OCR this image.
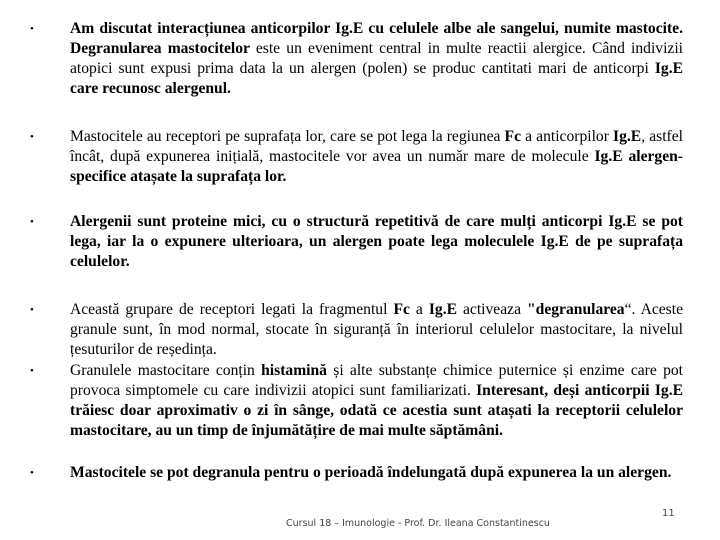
• Am discutat interacțiunea anticorpilor Ig.E cu celulele albe ale sangelui, numite mastocite. Degranularea mastocitelor este un eveniment central in multe reactii alergice. Când indivizii atopici sunt expusi prima data la un alergen (polen) se produc cantitati mari de anticorpi Ig.E care recunosc alergenul.
• Mastocitele au receptori pe suprafața lor, care se pot lega la regiunea Fc a anticorpilor Ig.E, astfel încât, după expunerea inițială, mastocitele vor avea un număr mare de molecule Ig.E alergen-specifice atașate la suprafața lor.
• Alergenii sunt proteine mici, cu o structură repetitivă de care mulți anticorpi Ig.E se pot lega, iar la o expunere ulterioara, un alergen poate lega moleculele Ig.E de pe suprafața celulelor.
• Această grupare de receptori legati la fragmentul Fc a Ig.E activeaza "degranularea“. Aceste granule sunt, în mod normal, stocate în siguranță în interiorul celulelor mastocitare, la nivelul țesuturilor de reședința.
• Granulele mastocitare conțin histamină și alte substanțe chimice puternice și enzime care pot provoca simptomele cu care indivizii atopici sunt familiarizati. Interesant, deși anticorpii Ig.E trăiesc doar aproximativ o zi în sânge, odată ce acestia sunt atașati la receptorii celulelor mastocitare, au un timp de înjumătățire de mai multe săptămâni.
• Mastocitele se pot degranula pentru o perioadă îndelungată după expunerea la un alergen.
Cursul 18 – Imunologie - Prof. Dr. Ileana Constantinescu
11
